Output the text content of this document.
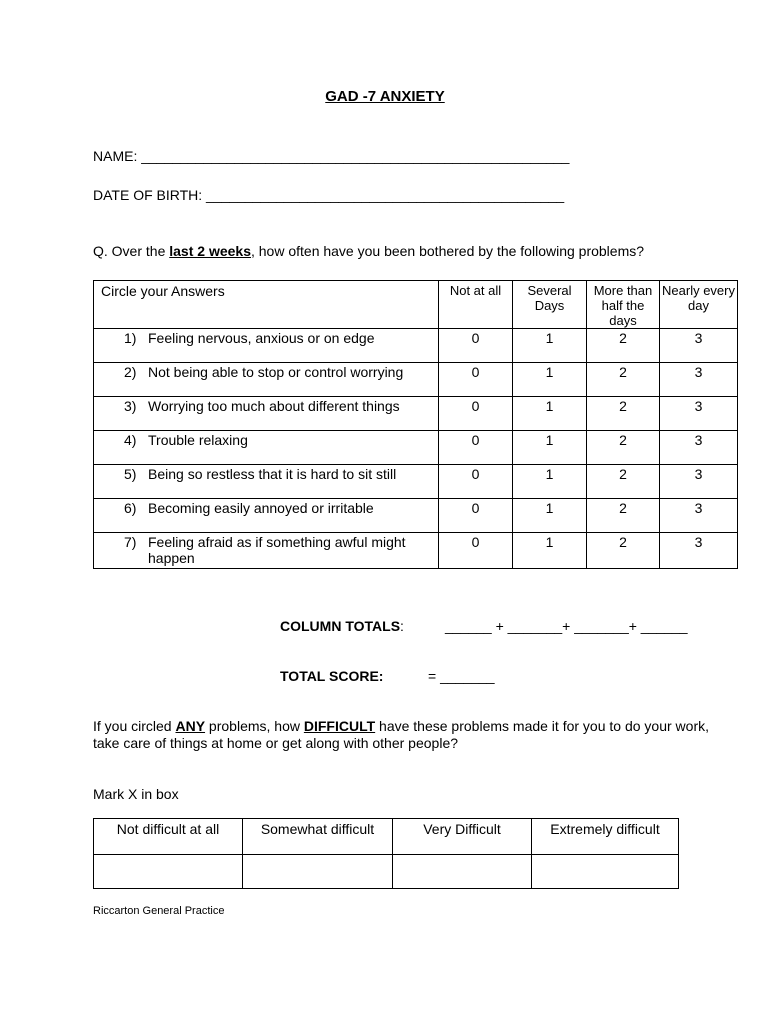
GAD -7 ANXIETY
NAME: _______________________________________________________
DATE OF BIRTH: ______________________________________________
Q. Over the last 2 weeks, how often have you been bothered by the following problems?
Circle your Answers	Not at all	Several Days	More than half the days	Nearly every day

1) Feeling nervous, anxious or on edge	0	1	2	3

2) Not being able to stop or control worrying	0	1	2	3

3) Worrying too much about different things	0	1	2	3

4) Trouble relaxing	0	1	2	3

5) Being so restless that it is hard to sit still	0	1	2	3

6) Becoming easily annoyed or irritable	0	1	2	3

7) Feeling afraid as if something awful might happen	0	1	2	3
COLUMN TOTALS:	______ + _______+ _______+ ______
TOTAL SCORE:	= _______
If you circled ANY problems, how DIFFICULT have these problems made it for you to do your work, take care of things at home or get along with other people?
Mark X in box
Not difficult at all	Somewhat difficult	Very Difficult	Extremely difficult

Riccarton General Practice
